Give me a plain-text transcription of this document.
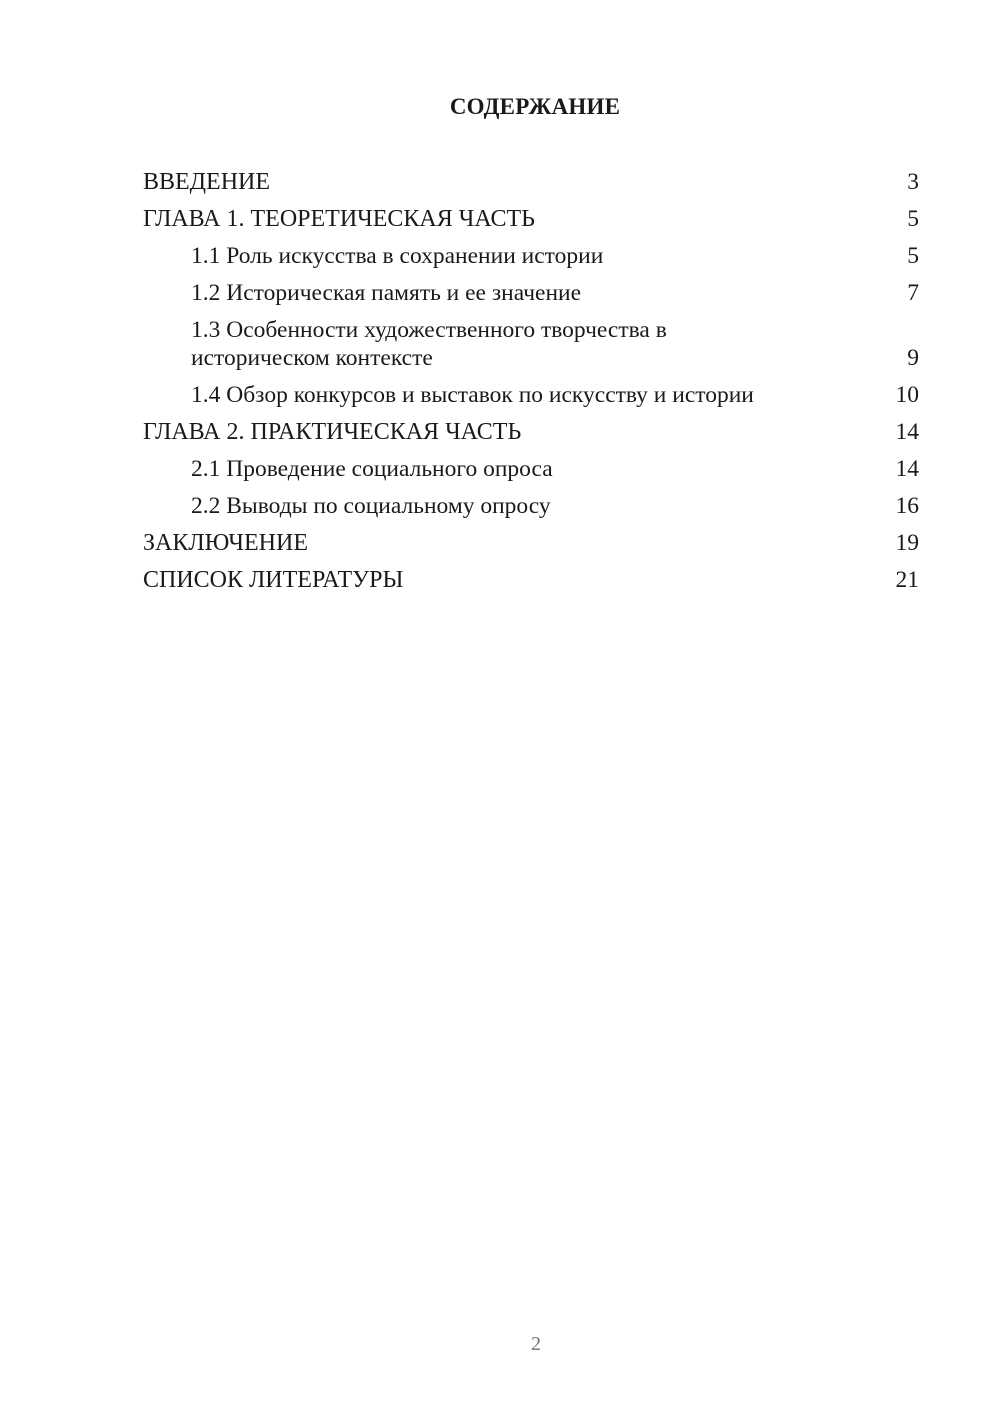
СОДЕРЖАНИЕ
ВВЕДЕНИЕ	3
ГЛАВА 1. ТЕОРЕТИЧЕСКАЯ ЧАСТЬ	5
1.1 Роль искусства в сохранении истории	5
1.2 Историческая память и ее значение	7
1.3 Особенности художественного творчества в
историческом контексте	9
1.4 Обзор конкурсов и выставок по искусству и истории	10
ГЛАВА 2. ПРАКТИЧЕСКАЯ ЧАСТЬ	14
2.1 Проведение социального опроса	14
2.2 Выводы по социальному опросу	16
ЗАКЛЮЧЕНИЕ	19
СПИСОК ЛИТЕРАТУРЫ	21
2
